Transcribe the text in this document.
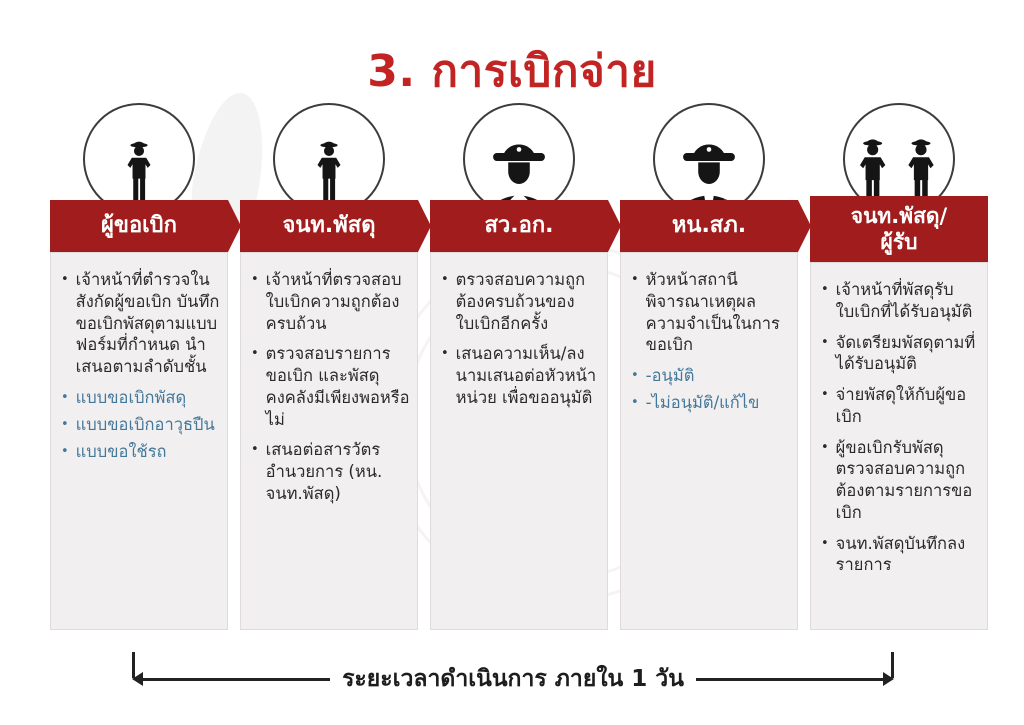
3. การเบิกจ่าย
ผู้ขอเบิก
• เจ้าหน้าที่ตำรวจในสังกัดผู้ขอเบิก บันทึกขอเบิกพัสดุตามแบบฟอร์มที่กำหนด นำเสนอตามลำดับชั้น
• แบบขอเบิกพัสดุ
• แบบขอเบิกอาวุธปืน
• แบบขอใช้รถ
จนท.พัสดุ
• เจ้าหน้าที่ตรวจสอบใบเบิกความถูกต้องครบถ้วน
• ตรวจสอบรายการขอเบิก และพัสดุคงคลังมีเพียงพอหรือไม่
• เสนอต่อสารวัตรอำนวยการ (หน. จนท.พัสดุ)
สว.อก.
• ตรวจสอบความถูกต้องครบถ้วนของใบเบิกอีกครั้ง
• เสนอความเห็น/ลงนามเสนอต่อหัวหน้าหน่วย เพื่อขออนุมัติ
หน.สภ.
• หัวหน้าสถานีพิจารณาเหตุผลความจำเป็นในการขอเบิก
• -อนุมัติ
• -ไม่อนุมัติ/แก้ไข
จนท.พัสดุ/
ผู้รับ
• เจ้าหน้าที่พัสดุรับใบเบิกที่ได้รับอนุมัติ
• จัดเตรียมพัสดุตามที่ได้รับอนุมัติ
• จ่ายพัสดุให้กับผู้ขอเบิก
• ผู้ขอเบิกรับพัสดุตรวจสอบความถูกต้องตามรายการขอเบิก
• จนท.พัสดุบันทึกลงรายการ
ระยะเวลาดำเนินการ ภายใน 1 วัน
